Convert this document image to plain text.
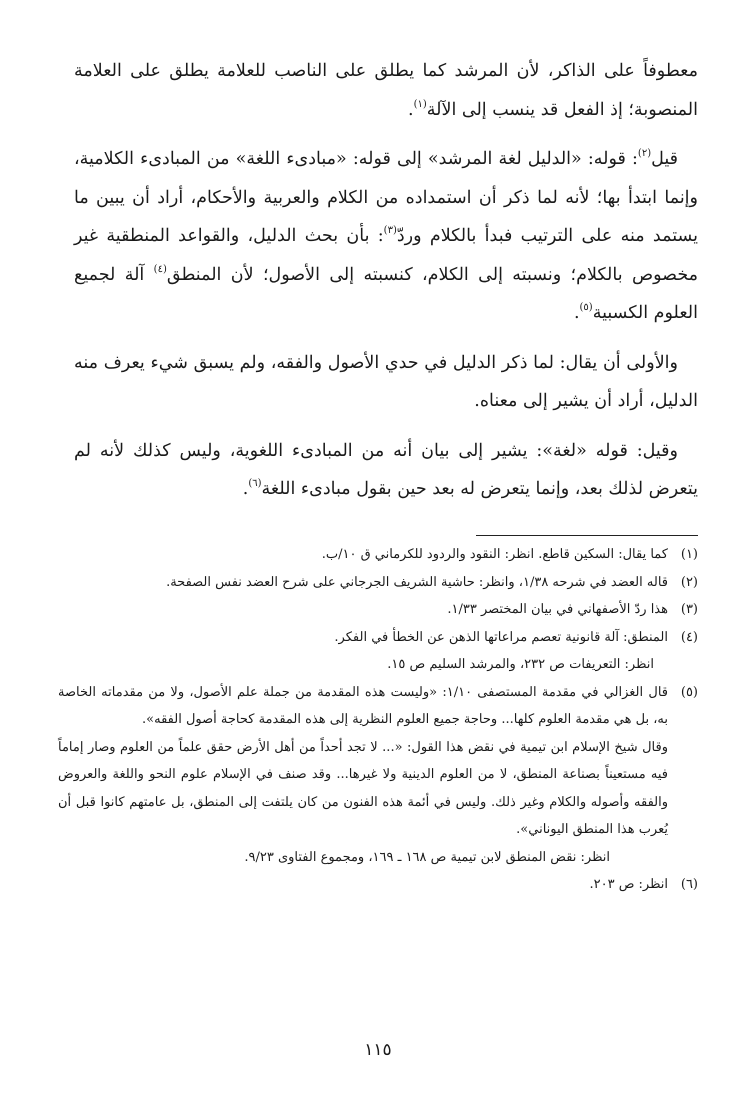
معطوفاً على الذاكر، لأن المرشد كما يطلق على الناصب للعلامة يطلق على العلامة المنصوبة؛ إذ الفعل قد ينسب إلى الآلة$^{(١)}$.

قيل$^{(٢)}$: قوله: «الدليل لغة المرشد» إلى قوله: «مبادىء اللغة» من المبادىء الكلامية، وإنما ابتدأ بها؛ لأنه لما ذكر أن استمداده من الكلام والعربية والأحكام، أراد أن يبين ما يستمد منه على الترتيب فبدأ بالكلام وردّ$^{(٣)}$: بأن بحث الدليل، والقواعد المنطقية غير مخصوص بالكلام؛ ونسبته إلى الكلام، كنسبته إلى الأصول؛ لأن المنطق$^{(٤)}$ آلة لجميع العلوم الكسبية$^{(٥)}$.

والأولى أن يقال: لما ذكر الدليل في حدي الأصول والفقه، ولم يسبق شيء يعرف منه الدليل، أراد أن يشير إلى معناه.

وقيل: قوله «لغة»: يشير إلى بيان أنه من المبادىء اللغوية، وليس كذلك لأنه لم يتعرض لذلك بعد، وإنما يتعرض له بعد حين بقول مبادىء اللغة$^{(٦)}$.

(١)
كما يقال: السكين قاطع. انظر: النقود والردود للكرماني ق ١٠/ب.
(٢)
قاله العضد في شرحه ١/٣٨، وانظر: حاشية الشريف الجرجاني على شرح العضد نفس الصفحة.
(٣)
هذا ردّ الأصفهاني في بيان المختصر ١/٣٣.
(٤)
المنطق: آلة قانونية تعصم مراعاتها الذهن عن الخطأ في الفكر.
انظر: التعريفات ص ٢٣٢، والمرشد السليم ص ١٥.
(٥)
قال الغزالي في مقدمة المستصفى ١/١٠: «وليست هذه المقدمة من جملة علم الأصول، ولا من مقدماته الخاصة به، بل هي مقدمة العلوم كلها... وحاجة جميع العلوم النظرية إلى هذه المقدمة كحاجة أصول الفقه».
وقال شيخ الإسلام ابن تيمية في نقض هذا القول: «... لا تجد أحداً من أهل الأرض حقق علماً من العلوم وصار إماماً فيه مستعيناً بصناعة المنطق، لا من العلوم الدينية ولا غيرها... وقد صنف في الإسلام علوم النحو واللغة والعروض والفقه وأصوله والكلام وغير ذلك. وليس في أئمة هذه الفنون من كان يلتفت إلى المنطق، بل عامتهم كانوا قبل أن يُعرب هذا المنطق اليوناني».
انظر: نقض المنطق لابن تيمية ص ١٦٨ ـ ١٦٩، ومجموع الفتاوى ٩/٢٣.
(٦)
انظر: ص ٢٠٣.
١١٥
